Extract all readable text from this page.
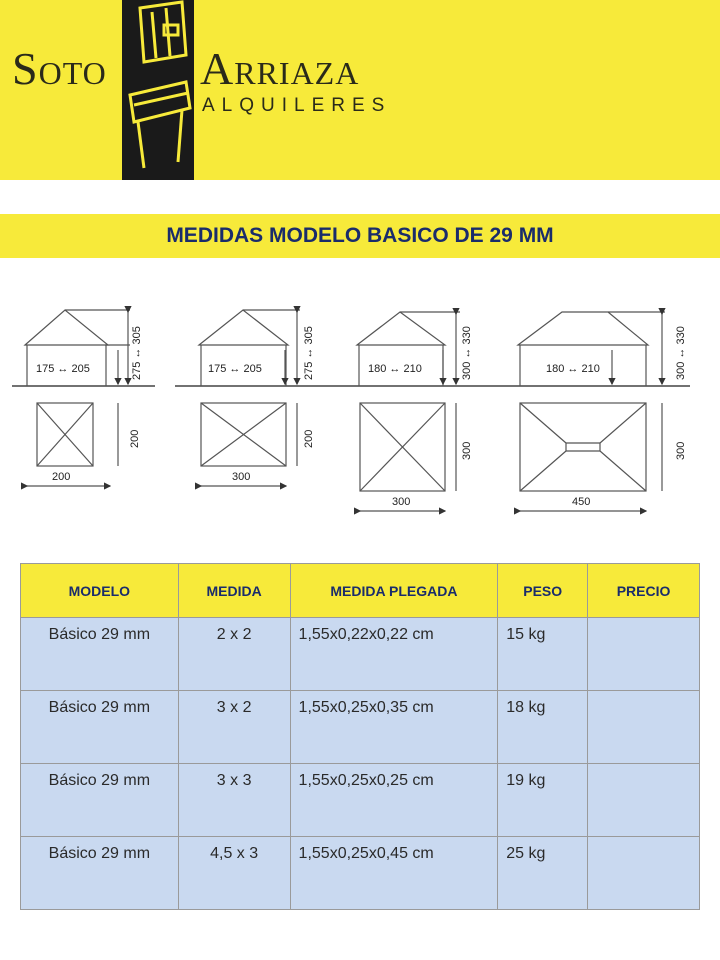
Soto Arriaza
ALQUILERES
MEDIDAS MODELO BASICO DE 29 MM
175 ↔ 205	275 ↔ 305
200
200
175 ↔ 205	275 ↔ 305
300
200
180 ↔ 210	300 ↔ 330
300
300
180 ↔ 210	300 ↔ 330
450
300
MODELO	MEDIDA	MEDIDA PLEGADA	PESO	PRECIO
Básico 29 mm	2 x 2	1,55x0,22x0,22 cm	15 kg	
Básico 29 mm	3 x 2	1,55x0,25x0,35 cm	18 kg	
Básico 29 mm	3 x 3	1,55x0,25x0,25 cm	19 kg	
Básico 29 mm	4,5 x 3	1,55x0,25x0,45 cm	25 kg	
